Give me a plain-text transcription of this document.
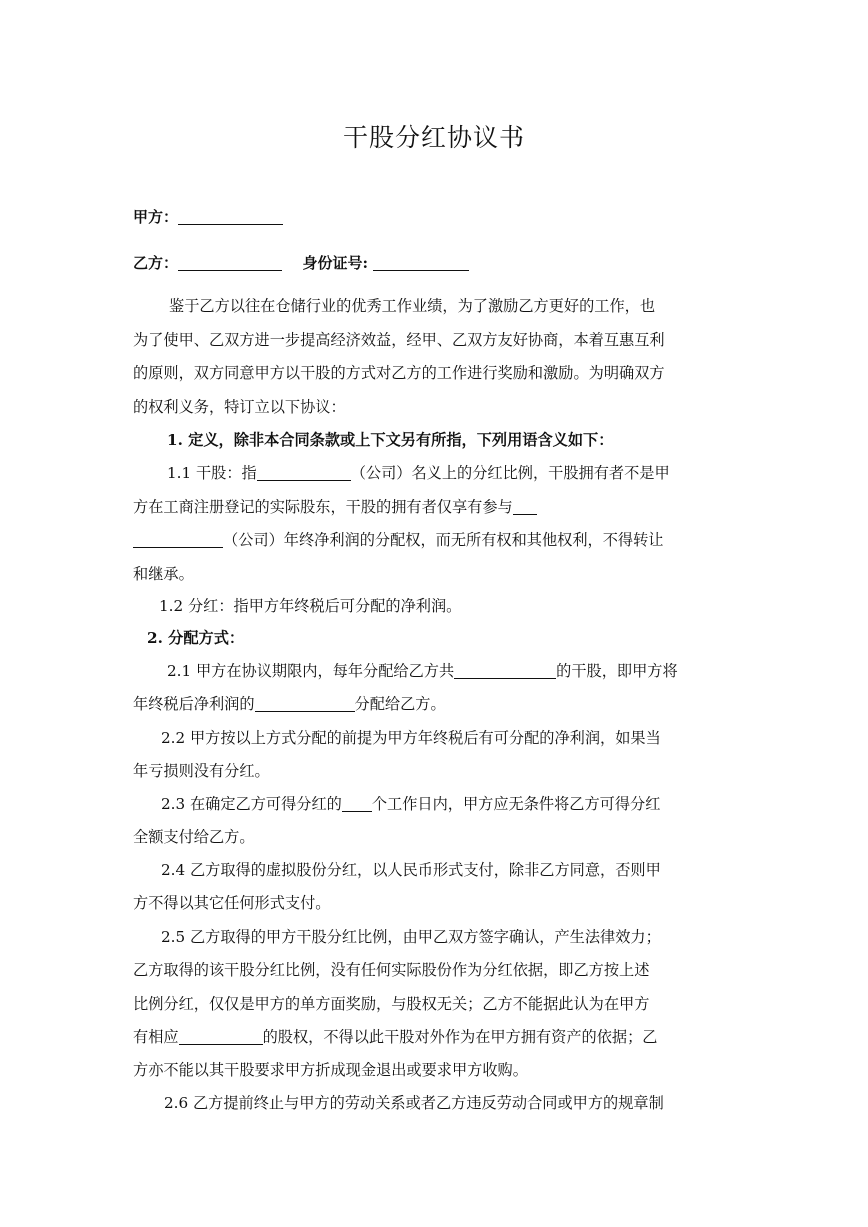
干股分红协议书
甲方：
乙方：	身份证号:
鉴于乙方以往在仓储行业的优秀工作业绩，为了激励乙方更好的工作，也
为了使甲、乙双方进一步提高经济效益，经甲、乙双方友好协商，本着互惠互利
的原则，双方同意甲方以干股的方式对乙方的工作进行奖励和激励。为明确双方
的权利义务，特订立以下协议：
1. 定义，除非本合同条款或上下文另有所指，下列用语含义如下：
1.1 干股：指	（公司）名义上的分红比例，干股拥有者不是甲
方在工商注册登记的实际股东，干股的拥有者仅享有参与
（公司）年终净利润的分配权，而无所有权和其他权利，不得转让
和继承。
1.2 分红：指甲方年终税后可分配的净利润。
2. 分配方式：
2.1 甲方在协议期限内，每年分配给乙方共	的干股，即甲方将
年终税后净利润的	分配给乙方。
2.2 甲方按以上方式分配的前提为甲方年终税后有可分配的净利润，如果当
年亏损则没有分红。
2.3 在确定乙方可得分红的 个工作日内，甲方应无条件将乙方可得分红
全额支付给乙方。
2.4 乙方取得的虚拟股份分红，以人民币形式支付，除非乙方同意，否则甲
方不得以其它任何形式支付。
2.5 乙方取得的甲方干股分红比例，由甲乙双方签字确认，产生法律效力；
乙方取得的该干股分红比例，没有任何实际股份作为分红依据，即乙方按上述
比例分红，仅仅是甲方的单方面奖励，与股权无关；乙方不能据此认为在甲方
有相应	的股权，不得以此干股对外作为在甲方拥有资产的依据；乙
方亦不能以其干股要求甲方折成现金退出或要求甲方收购。
2.6 乙方提前终止与甲方的劳动关系或者乙方违反劳动合同或甲方的规章制
